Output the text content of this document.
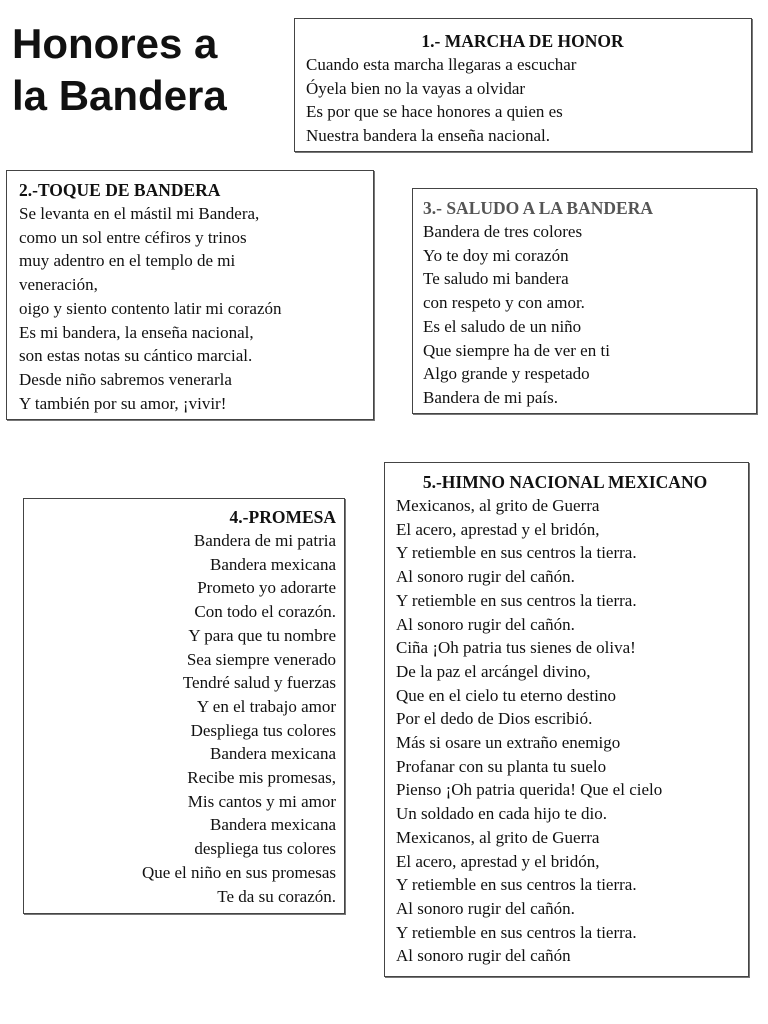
Honores a
la Bandera
1.- MARCHA DE HONOR

Cuando esta marcha llegaras a escuchar

Óyela bien no la vayas a olvidar

Es por que se hace honores a quien es

Nuestra bandera la enseña nacional.

2.-TOQUE DE BANDERA

Se levanta en el mástil mi Bandera,

como un sol entre céfiros y trinos

muy adentro en el templo de mi

veneración,

oigo y siento contento latir mi corazón

Es mi bandera, la enseña nacional,

son estas notas su cántico marcial.

Desde niño sabremos venerarla

Y también por su amor, ¡vivir!

3.- SALUDO A LA BANDERA

Bandera de tres colores

Yo te doy mi corazón

Te saludo mi bandera

con respeto y con amor.

Es el saludo de un niño

Que siempre ha de ver en ti

Algo grande y respetado

Bandera de mi país.

4.-PROMESA

Bandera de mi patria

Bandera mexicana

Prometo yo adorarte

Con todo el corazón.

Y para que tu nombre

Sea siempre venerado

Tendré salud y fuerzas

Y en el trabajo amor

Despliega tus colores

Bandera mexicana

Recibe mis promesas,

Mis cantos y mi amor

Bandera mexicana

despliega tus colores

Que el niño en sus promesas

Te da su corazón.

5.-HIMNO NACIONAL MEXICANO

Mexicanos, al grito de Guerra

El acero, aprestad y el bridón,

Y retiemble en sus centros la tierra.

Al sonoro rugir del cañón.

Y retiemble en sus centros la tierra.

Al sonoro rugir del cañón.

Ciña ¡Oh patria tus sienes de oliva!

De la paz el arcángel divino,

Que en el cielo tu eterno destino

Por el dedo de Dios escribió.

Más si osare un extraño enemigo

Profanar con su planta tu suelo

Pienso ¡Oh patria querida! Que el cielo

Un soldado en cada hijo te dio.

Mexicanos, al grito de Guerra

El acero, aprestad y el bridón,

Y retiemble en sus centros la tierra.

Al sonoro rugir del cañón.

Y retiemble en sus centros la tierra.

Al sonoro rugir del cañón
